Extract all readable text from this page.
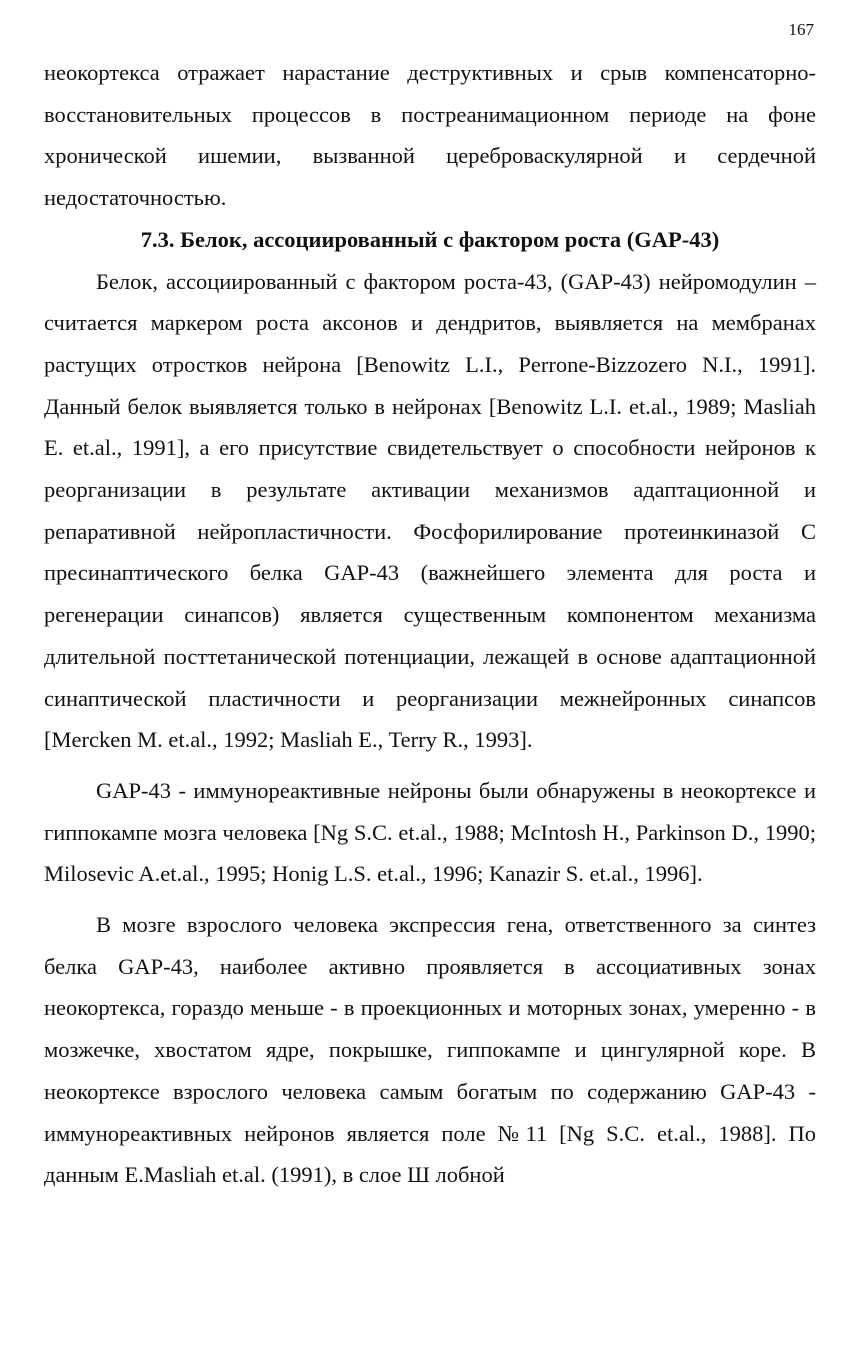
167

неокортекса отражает нарастание деструктивных и срыв компенсаторно-восстановительных процессов в постреанимационном периоде на фоне хронической ишемии, вызванной цереброваскулярной и сердечной недостаточностью.

7.3. Белок, ассоциированный с фактором роста (GAP-43)

Белок, ассоциированный с фактором роста-43, (GAP-43) нейромодулин – считается маркером роста аксонов и дендритов, выявляется на мембранах растущих отростков нейрона [Benowitz L.I., Perrone-Bizzozero N.I., 1991]. Данный белок выявляется только в нейронах [Benowitz L.I. et.al., 1989; Masliah E. et.al., 1991], а его присутствие свидетельствует о способности нейронов к реорганизации в результате активации механизмов адаптационной и репаративной нейропластичности. Фосфорилирование протеинкиназой С пресинаптического белка GAP-43 (важнейшего элемента для роста и регенерации синапсов) является существенным компонентом механизма длительной посттетанической потенциации, лежащей в основе адаптационной синаптической пластичности и реорганизации межнейронных синапсов [Mercken M. et.al., 1992; Masliah E., Terry R., 1993].

GAP-43 - иммунореактивные нейроны были обнаружены в неокортексе и гиппокампе мозга человека [Ng S.C. et.al., 1988; McIntosh H., Parkinson D., 1990; Milosevic A.et.al., 1995; Honig L.S. et.al., 1996; Kanazir S. et.al., 1996].

В мозге взрослого человека экспрессия гена, ответственного за синтез белка GAP-43, наиболее активно проявляется в ассоциативных зонах неокортекса, гораздо меньше - в проекционных и моторных зонах, умеренно - в мозжечке, хвостатом ядре, покрышке, гиппокампе и цингулярной коре. В неокортексе взрослого человека самым богатым по содержанию GAP-43 - иммунореактивных нейронов является поле №11 [Ng S.C. et.al., 1988]. По данным E.Masliah et.al. (1991), в слое Ш лобной
